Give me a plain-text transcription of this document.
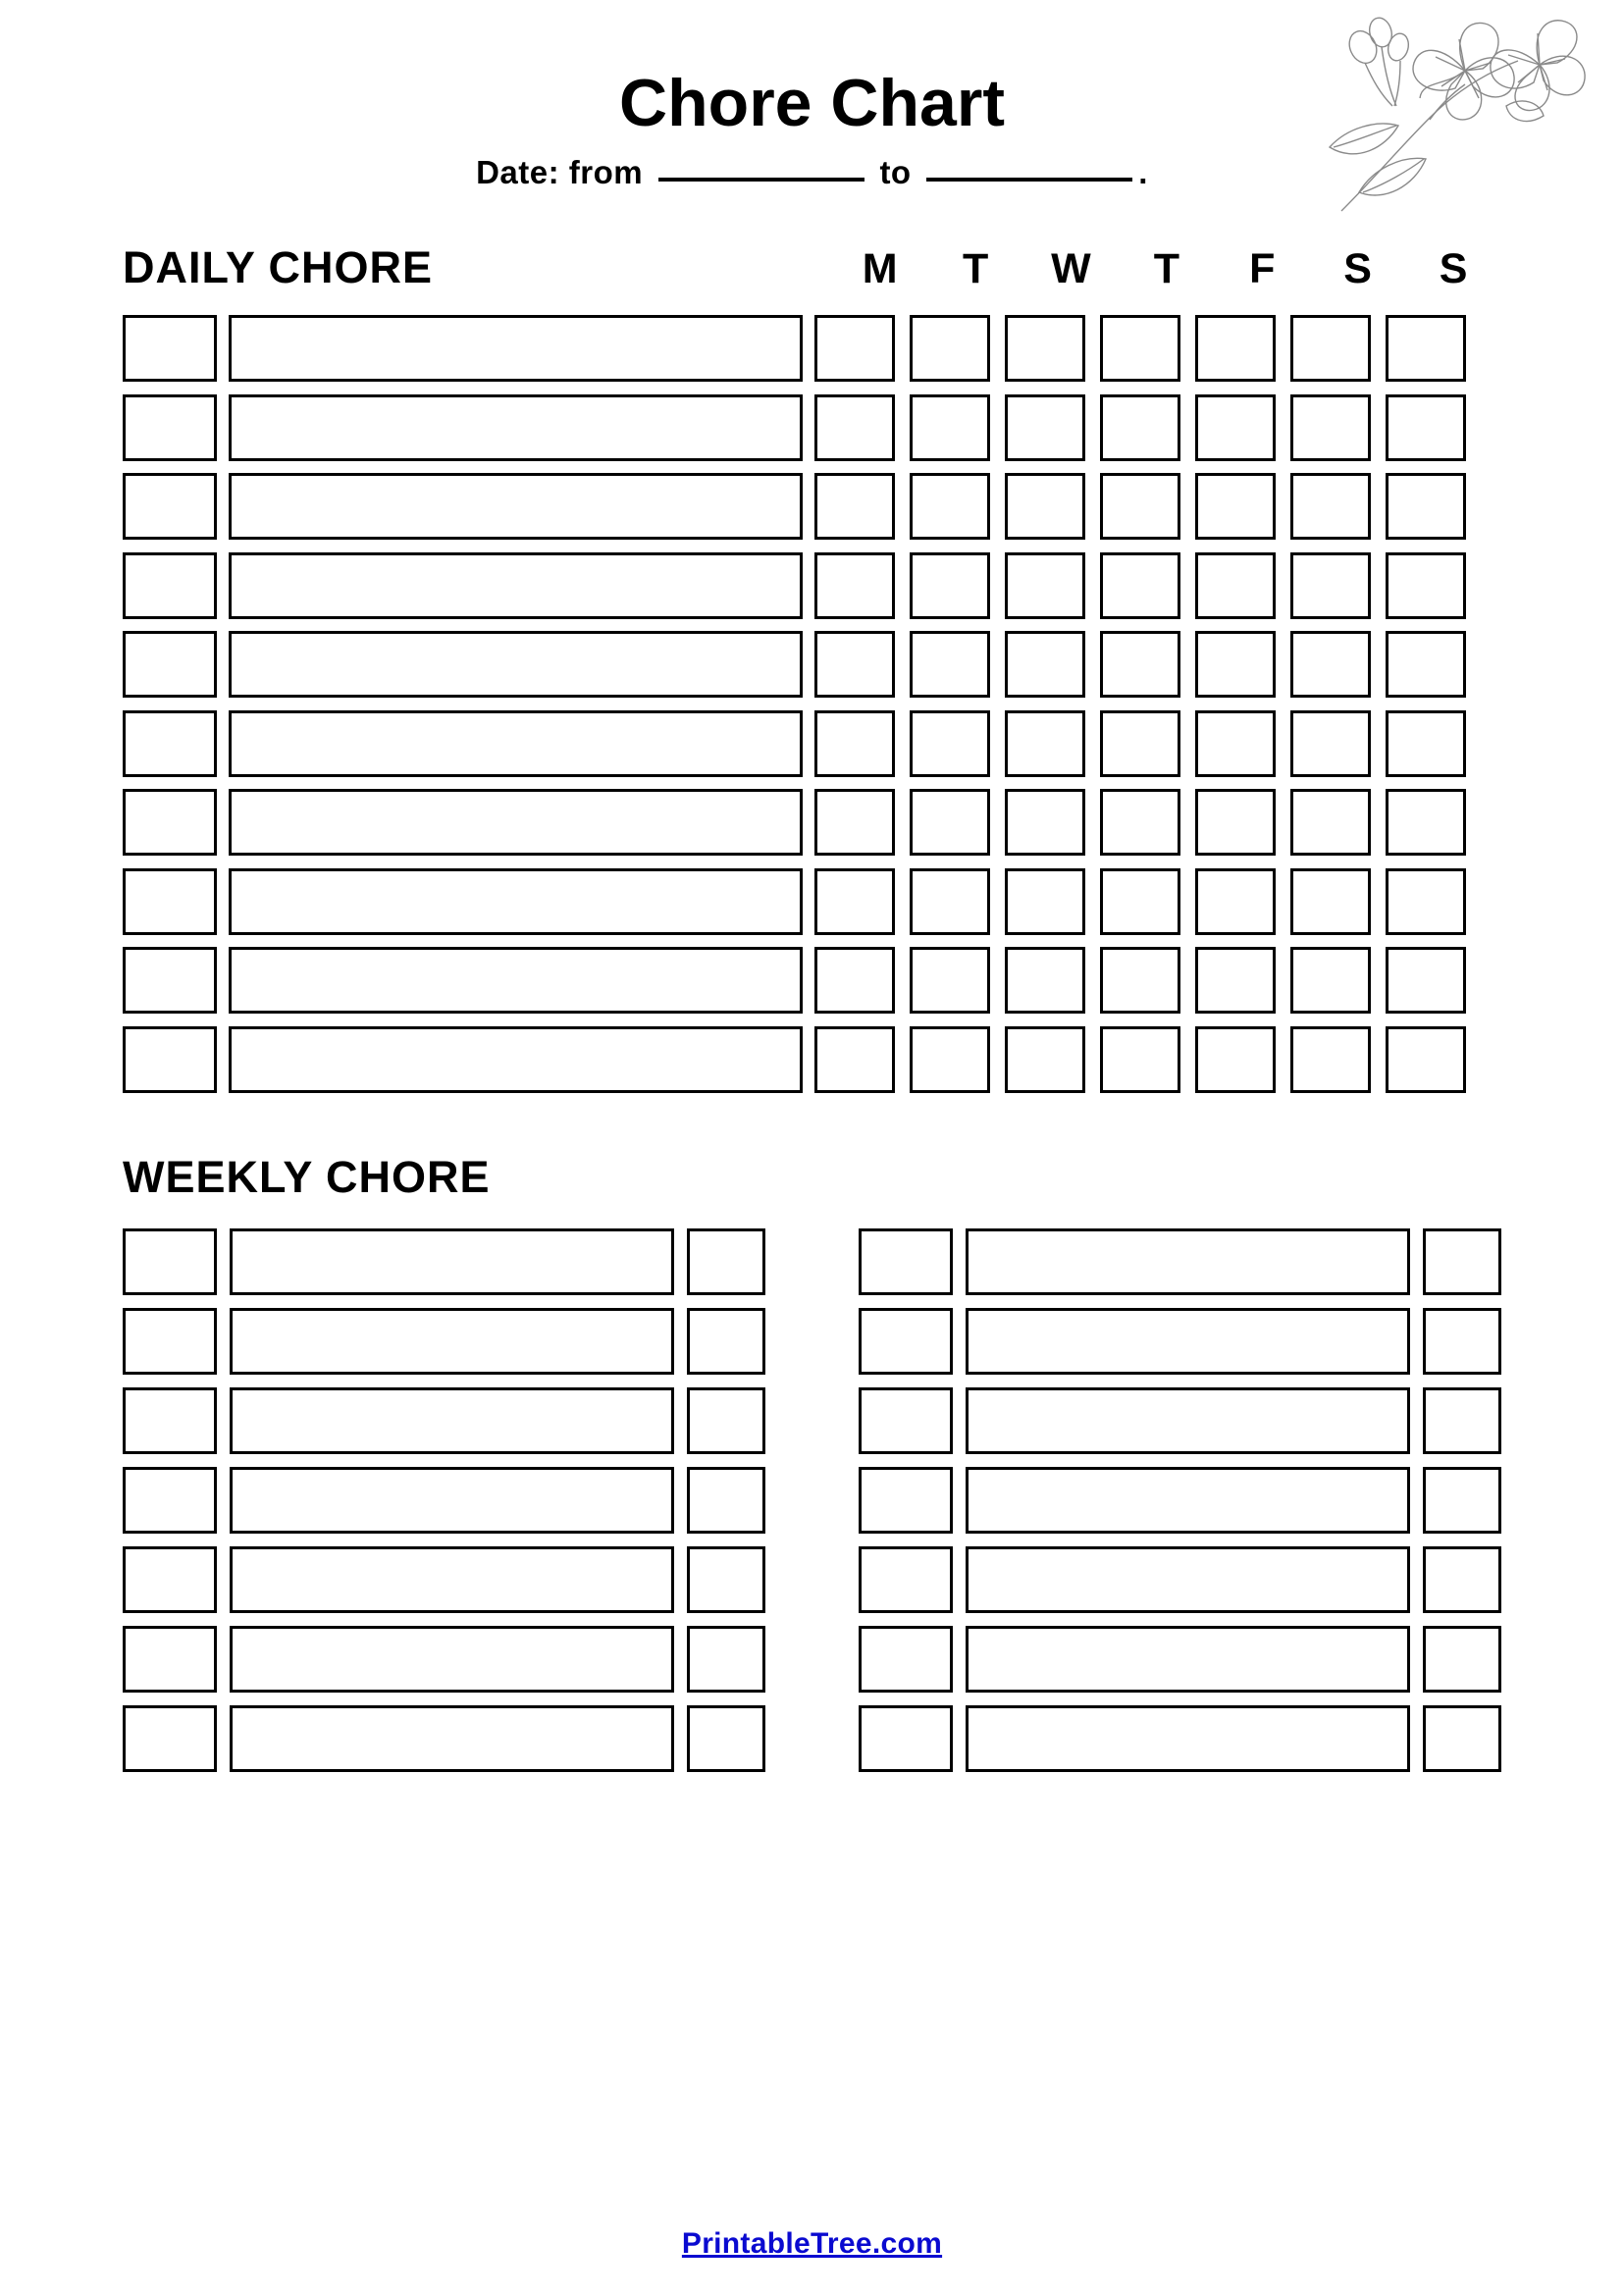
Chore Chart
Date: from	to	.
DAILY CHORE	M	T	W	T	F	S	S
WEEKLY CHORE
PrintableTree.com
